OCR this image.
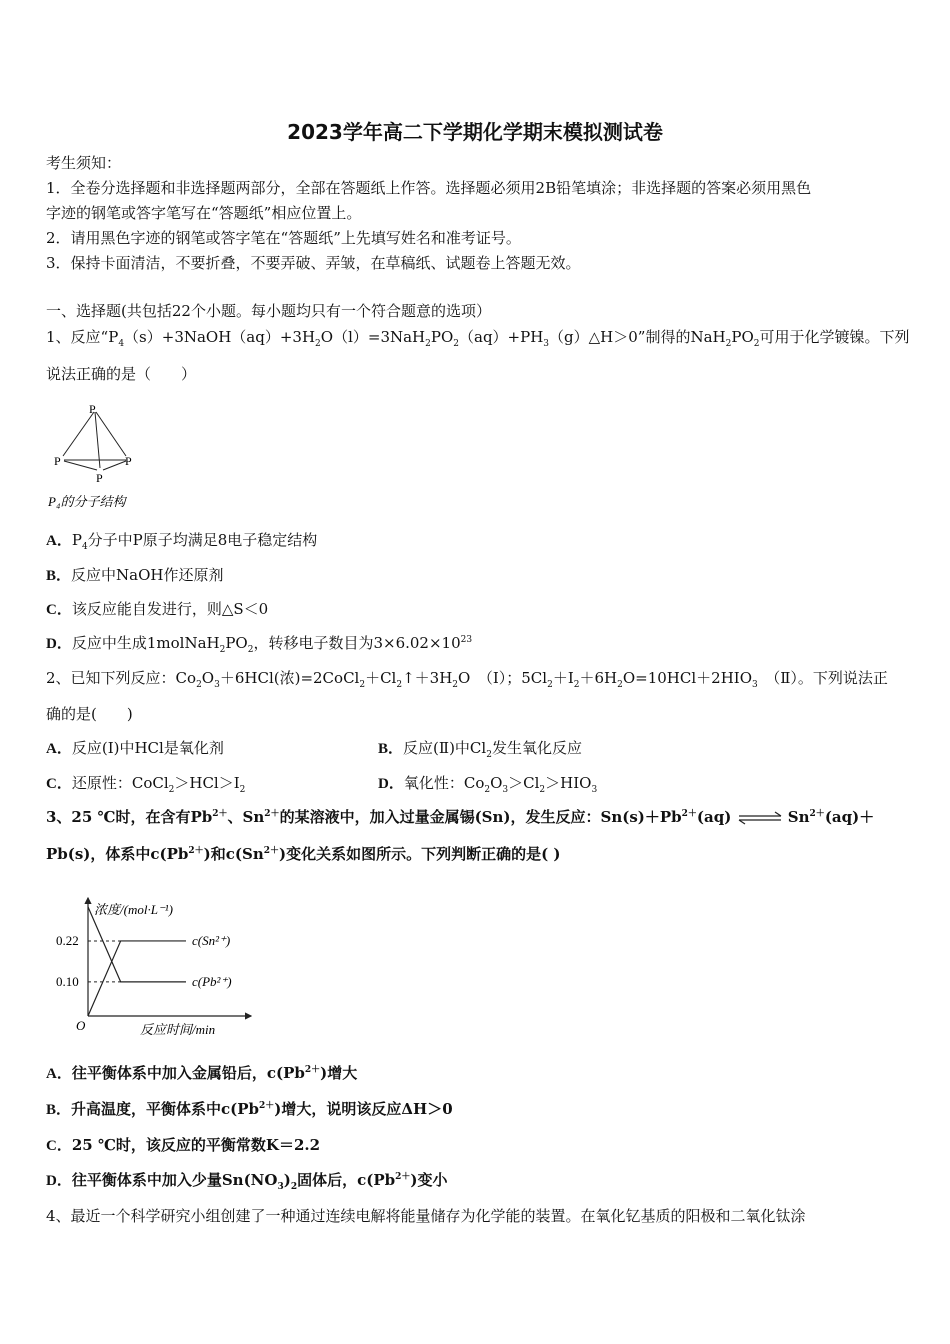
2023学年高二下学期化学期末模拟测试卷
考生须知：
1．全卷分选择题和非选择题两部分，全部在答题纸上作答。选择题必须用2B铅笔填涂；非选择题的答案必须用黑色
字迹的钢笔或答字笔写在“答题纸”相应位置上。
2．请用黑色字迹的钢笔或答字笔在“答题纸”上先填写姓名和准考证号。
3．保持卡面清洁，不要折叠，不要弄破、弄皱，在草稿纸、试题卷上答题无效。
一、选择题(共包括22个小题。每小题均只有一个符合题意的选项）
1、反应“$P_4(s)+3NaOH(aq)+3H_2O(l)=3NaH_2PO_2(aq)+PH_3(g)\triangle H>0$”制得的$NaH_2PO_2$可用于化学镀镍。下列
说法正确的是（　　）
P
P	P
P
P₄的分子结构
A．$P_4$分子中P原子均满足8电子稳定结构
B．反应中NaOH作还原剂
C．该反应能自发进行，则△S＜0
D．反应中生成$1molNaH_2PO_2$，转移电子数目为$3\times 6.02\times 10^{23}$
2、已知下列反应：$Co_2O_3+6HCl$(浓)$=2CoCl_2+Cl_2↑+3H_2O$　（Ⅰ）；$5Cl_2+I_2+6H_2O=10HCl+2HIO_3$　（Ⅱ）。下列说法正
确的是(　　)
A．反应(Ⅰ)中HCl是氧化剂	B．反应(Ⅱ)中$Cl_2$发生氧化反应
C．还原性：$CoCl_2>HCl>I_2$	D．氧化性：$Co_2O_3>Cl_2>HIO_3$
3、25 ℃时，在含有$Pb^{2+}$、$Sn^{2+}$的某溶液中，加入过量金属锡(Sn)，发生反应：$Sn(s)+Pb^{2+}(aq)$ ⇌ $Sn^{2+}(aq)+$
Pb(s)，体系中$c(Pb^{2+})$和$c(Sn^{2+})$变化关系如图所示。下列判断正确的是( )
浓度/(mol·L⁻¹)
反应时间/min
O
0.22
0.10
c(Sn²⁺)
c(Pb²⁺)
A．往平衡体系中加入金属铅后，$c(Pb^{2+})$增大
B．升高温度，平衡体系中$c(Pb^{2+})$增大，说明该反应ΔH＞0
C．25 ℃时，该反应的平衡常数K＝2.2
D．往平衡体系中加入少量$Sn(NO_3)_2$固体后，$c(Pb^{2+})$变小
4、最近一个科学研究小组创建了一种通过连续电解将能量储存为化学能的装置。在氧化钇基质的阳极和二氧化钛涂
